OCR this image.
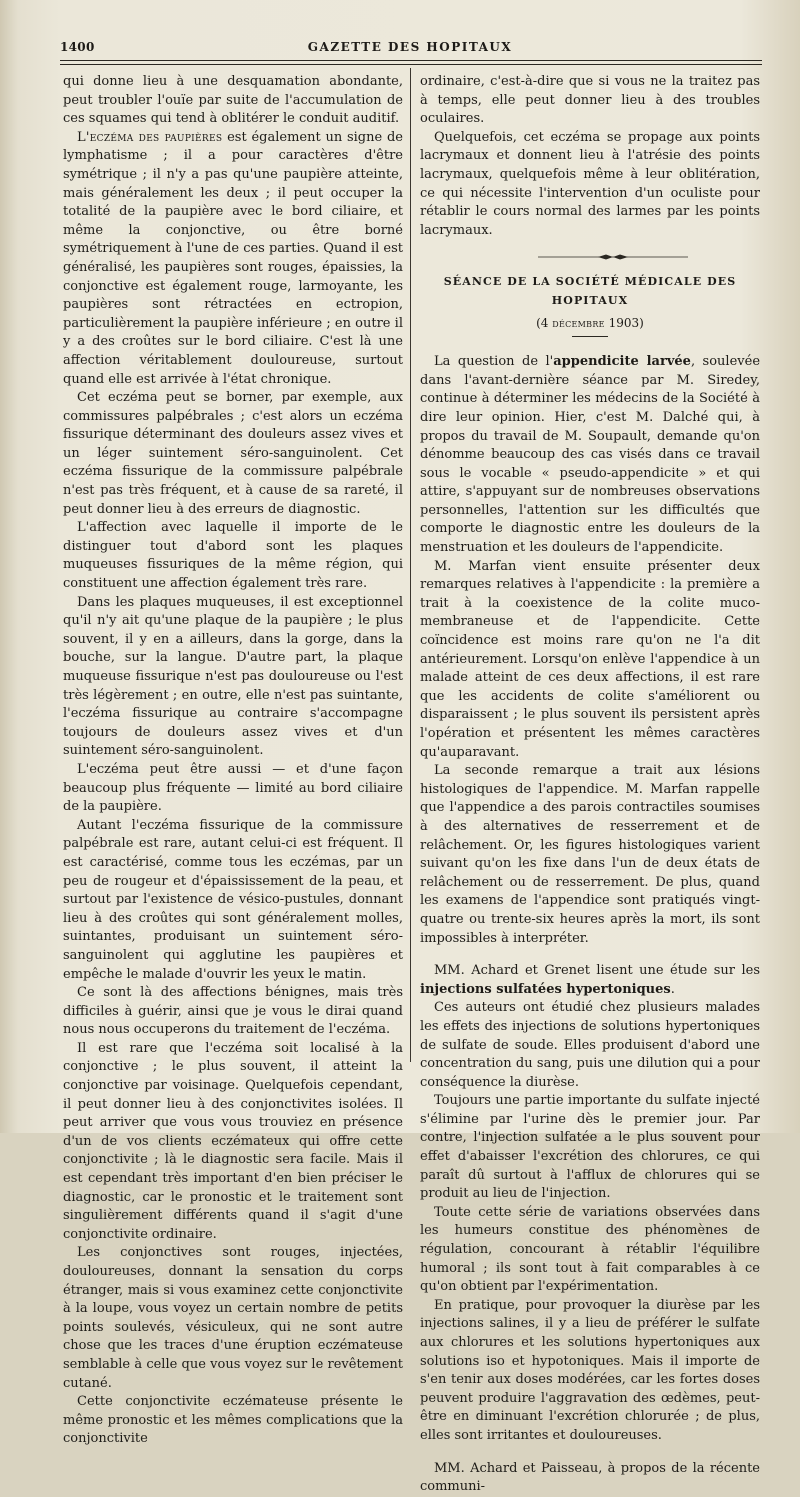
1400	GAZETTE DES HOPITAUX

qui donne lieu à une desquamation abondante, peut troubler l'ouïe par suite de l'accumulation de ces squames qui tend à oblitérer le conduit auditif.

L'eczéma des paupières est également un signe de lymphatisme ; il a pour caractères d'être symétrique ; il n'y a pas qu'une paupière atteinte, mais généralement les deux ; il peut occuper la totalité de la paupière avec le bord ciliaire, et même la conjonctive, ou être borné symétriquement à l'une de ces parties. Quand il est généralisé, les paupières sont rouges, épaissies, la conjonctive est également rouge, larmoyante, les paupières sont rétractées en ectropion, particulièrement la paupière inférieure ; en outre il y a des croûtes sur le bord ciliaire. C'est là une affection véritablement douloureuse, surtout quand elle est arrivée à l'état chronique.

Cet eczéma peut se borner, par exemple, aux commissures palpébrales ; c'est alors un eczéma fissurique déterminant des douleurs assez vives et un léger suintement séro-sanguinolent. Cet eczéma fissurique de la commissure palpébrale n'est pas très fréquent, et à cause de sa rareté, il peut donner lieu à des erreurs de diagnostic.

L'affection avec laquelle il importe de le distinguer tout d'abord sont les plaques muqueuses fissuriques de la même région, qui constituent une affection également très rare.

Dans les plaques muqueuses, il est exceptionnel qu'il n'y ait qu'une plaque de la paupière ; le plus souvent, il y en a ailleurs, dans la gorge, dans la bouche, sur la langue. D'autre part, la plaque muqueuse fissurique n'est pas douloureuse ou l'est très légèrement ; en outre, elle n'est pas suintante, l'eczéma fissurique au contraire s'accompagne toujours de douleurs assez vives et d'un suintement séro-sanguinolent.

L'eczéma peut être aussi — et d'une façon beaucoup plus fréquente — limité au bord ciliaire de la paupière.

Autant l'eczéma fissurique de la commissure palpébrale est rare, autant celui-ci est fréquent. Il est caractérisé, comme tous les eczémas, par un peu de rougeur et d'épaississement de la peau, et surtout par l'existence de vésico-pustules, donnant lieu à des croûtes qui sont généralement molles, suintantes, produisant un suintement séro-sanguinolent qui agglutine les paupières et empêche le malade d'ouvrir les yeux le matin.

Ce sont là des affections bénignes, mais très difficiles à guérir, ainsi que je vous le dirai quand nous nous occuperons du traitement de l'eczéma.

Il est rare que l'eczéma soit localisé à la conjonctive ; le plus souvent, il atteint la conjonctive par voisinage. Quelquefois cependant, il peut donner lieu à des conjonctivites isolées. Il peut arriver que vous vous trouviez en présence d'un de vos clients eczémateux qui offre cette conjonctivite ; là le diagnostic sera facile. Mais il est cependant très important d'en bien préciser le diagnostic, car le pronostic et le traitement sont singulièrement différents quand il s'agit d'une conjonctivite ordinaire.

Les conjonctives sont rouges, injectées, douloureuses, donnant la sensation du corps étranger, mais si vous examinez cette conjonctivite à la loupe, vous voyez un certain nombre de petits points soulevés, vésiculeux, qui ne sont autre chose que les traces d'une éruption eczémateuse semblable à celle que vous voyez sur le revêtement cutané.

Cette conjonctivite eczémateuse présente le même pronostic et les mêmes complications que la conjonctivite

ordinaire, c'est-à-dire que si vous ne la traitez pas à temps, elle peut donner lieu à des troubles oculaires.

Quelquefois, cet eczéma se propage aux points lacrymaux et donnent lieu à l'atrésie des points lacrymaux, quelquefois même à leur oblitération, ce qui nécessite l'intervention d'un oculiste pour rétablir le cours normal des larmes par les points lacrymaux.

SÉANCE DE LA SOCIÉTÉ MÉDICALE DES HOPITAUX
(4 décembre 1903)

La question de l'appendicite larvée, soulevée dans l'avant-dernière séance par M. Siredey, continue à déterminer les médecins de la Société à dire leur opinion. Hier, c'est M. Dalché qui, à propos du travail de M. Soupault, demande qu'on dénomme beaucoup des cas visés dans ce travail sous le vocable « pseudo-appendicite » et qui attire, s'appuyant sur de nombreuses observations personnelles, l'attention sur les difficultés que comporte le diagnostic entre les douleurs de la menstruation et les douleurs de l'appendicite.

M. Marfan vient ensuite présenter deux remarques relatives à l'appendicite : la première a trait à la coexistence de la colite muco-membraneuse et de l'appendicite. Cette coïncidence est moins rare qu'on ne l'a dit antérieurement. Lorsqu'on enlève l'appendice à un malade atteint de ces deux affections, il est rare que les accidents de colite s'améliorent ou disparaissent ; le plus souvent ils persistent après l'opération et présentent les mêmes caractères qu'auparavant.

La seconde remarque a trait aux lésions histologiques de l'appendice. M. Marfan rappelle que l'appendice a des parois contractiles soumises à des alternatives de resserrement et de relâchement. Or, les figures histologiques varient suivant qu'on les fixe dans l'un de deux états de relâchement ou de resserrement. De plus, quand les examens de l'appendice sont pratiqués vingt-quatre ou trente-six heures après la mort, ils sont impossibles à interpréter.

MM. Achard et Grenet lisent une étude sur les injections sulfatées hypertoniques.

Ces auteurs ont étudié chez plusieurs malades les effets des injections de solutions hypertoniques de sulfate de soude. Elles produisent d'abord une concentration du sang, puis une dilution qui a pour conséquence la diurèse.

Toujours une partie importante du sulfate injecté s'élimine par l'urine dès le premier jour. Par contre, l'injection sulfatée a le plus souvent pour effet d'abaisser l'excrétion des chlorures, ce qui paraît dû surtout à l'afflux de chlorures qui se produit au lieu de l'injection.

Toute cette série de variations observées dans les humeurs constitue des phénomènes de régulation, concourant à rétablir l'équilibre humoral ; ils sont tout à fait comparables à ce qu'on obtient par l'expérimentation.

En pratique, pour provoquer la diurèse par les injections salines, il y a lieu de préférer le sulfate aux chlorures et les solutions hypertoniques aux solutions iso et hypotoniques. Mais il importe de s'en tenir aux doses modérées, car les fortes doses peuvent produire l'aggravation des œdèmes, peut-être en diminuant l'excrétion chlorurée ; de plus, elles sont irritantes et douloureuses.

MM. Achard et Paisseau, à propos de la récente communi-
